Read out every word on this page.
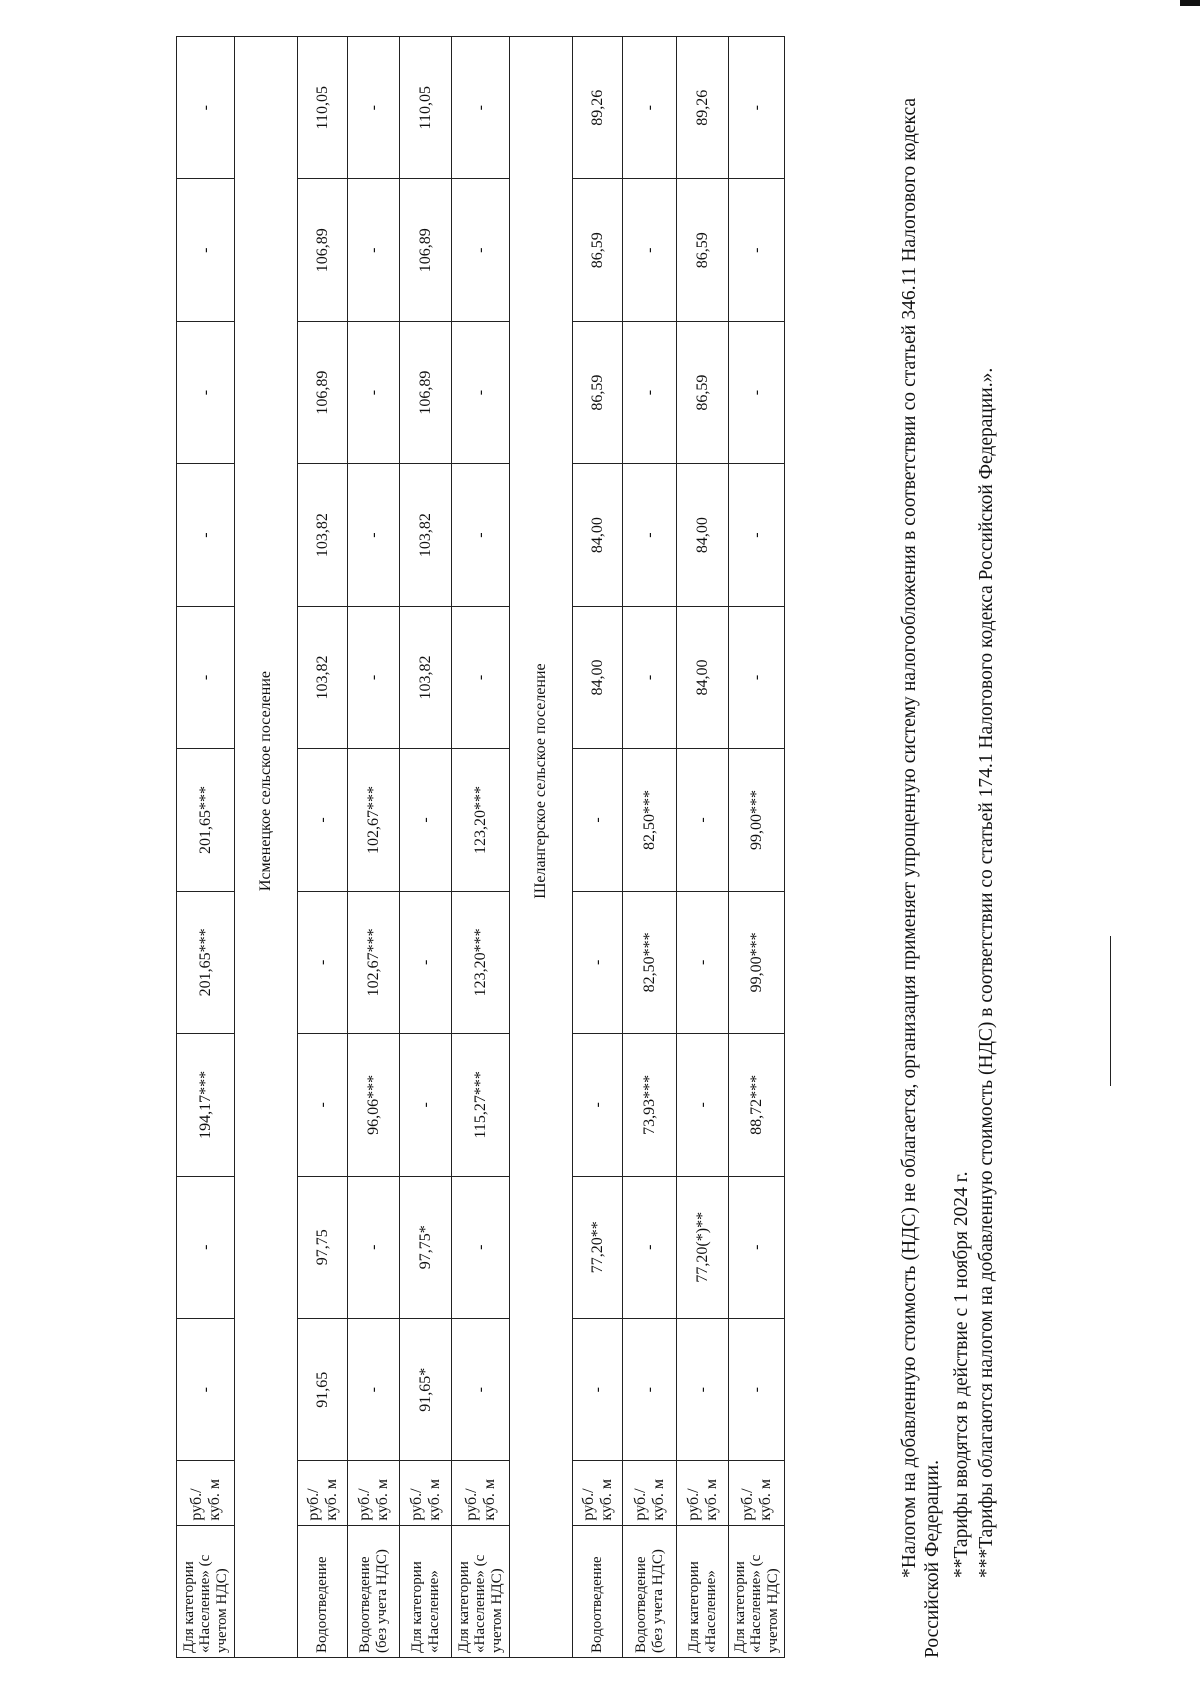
Для категории «Население» (с учетом НДС)	руб./ куб. м	-	-	194,17***	201,65***	201,65***	-	-	-	-	-
	Исменецкое сельское поселение										
Водоотведение	руб./ куб. м	91,65	97,75	-	-	-	103,82	103,82	106,89	106,89	110,05
Водоотведение (без учета НДС)	руб./ куб. м	-	-	96,06***	102,67***	102,67***	-	-	-	-	-
Для категории «Население»	руб./ куб. м	91,65*	97,75*	-	-	-	103,82	103,82	106,89	106,89	110,05
Для категории «Население» (с учетом НДС)	руб./ куб. м	-	-	115,27***	123,20***	123,20***	-	-	-	-	-
	Шелангерское сельское поселение										
Водоотведение	руб./ куб. м	-	77,20**	-	-	-	84,00	84,00	86,59	86,59	89,26
Водоотведение (без учета НДС)	руб./ куб. м	-	-	73,93***	82,50***	82,50***	-	-	-	-	-
Для категории «Население»	руб./ куб. м	-	77,20(*)**	-	-	-	84,00	84,00	86,59	86,59	89,26
Для категории «Население» (с учетом НДС)	руб./ куб. м	-	-	88,72***	99,00***	99,00***	-	-	-	-	-	*Налогом на добавленную стоимость (НДС) не облагается, организация применяет упрощенную систему налогообложения в соответствии со статьей 346.11 Налогового кодекса Российской Федерации. **Тарифы вводятся в действие с 1 ноября 2024 г. ***Тарифы облагаются налогом на добавленную стоимость (НДС) в соответствии со статьей 174.1 Налогового кодекса Российской Федерации.».
